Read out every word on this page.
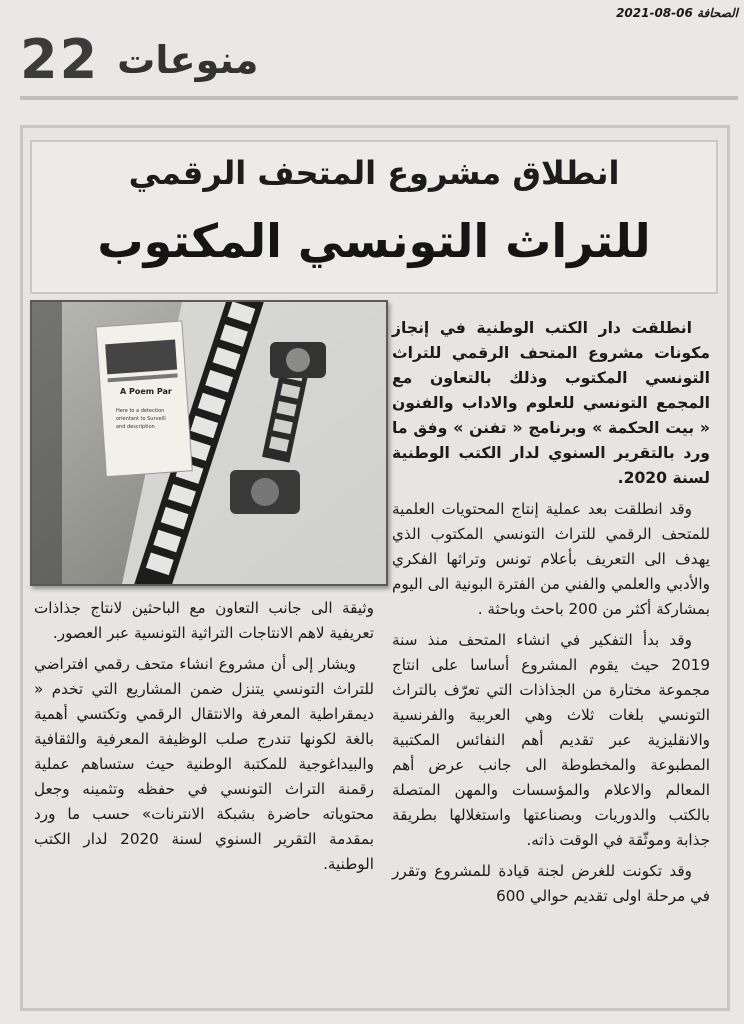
الصحافة 06-08-2021
22 منوعات
انطلاق مشروع المتحف الرقمي
للتراث التونسي المكتوب
A Poem Par
Here to a detection
orientant to Surveill
and description

انطلقت دار الكتب الوطنية في إنجاز مكونات مشروع المتحف الرقمي للتراث التونسي المكتوب وذلك بالتعاون مع المجمع التونسي للعلوم والاداب والفنون « بيت الحكمة » وبرنامج « تفنن » وفق ما ورد بالتقرير السنوي لدار الكتب الوطنية لسنة 2020.

وقد انطلقت بعد عملية إنتاج المحتويات العلمية للمتحف الرقمي للتراث التونسي المكتوب الذي يهدف الى التعريف بأعلام تونس وتراثها الفكري والأدبي والعلمي والفني من الفترة البونية الى اليوم بمشاركة أكثر من 200 باحث وباحثة .

وقد بدأ التفكير في انشاء المتحف منذ سنة 2019 حيث يقوم المشروع أساسا على انتاج مجموعة مختارة من الجذاذات التي تعرّف بالتراث التونسي بلغات ثلاث وهي العربية والفرنسية والانقليزية عبر تقديم أهم النفائس المكتبية المطبوعة والمخطوطة الى جانب عرض أهم المعالم والاعلام والمؤسسات والمهن المتصلة بالكتب والدوريات وبصناعتها واستغلالها بطريقة جذابة وموثّقة في الوقت ذاته.

وقد تكونت للغرض لجنة قيادة للمشروع وتقرر في مرحلة اولى تقديم حوالي 600

وثيقة الى جانب التعاون مع الباحثين لانتاج جذاذات تعريفية لاهم الانتاجات التراثية التونسية عبر العصور.

ويشار إلى أن مشروع انشاء متحف رقمي افتراضي للتراث التونسي يتنزل ضمن المشاريع التي تخدم « ديمقراطية المعرفة والانتقال الرقمي وتكتسي أهمية بالغة لكونها تندرج صلب الوظيفة المعرفية والثقافية والبيداغوجية للمكتبة الوطنية حيث ستساهم عملية رقمنة التراث التونسي في حفظه وتثمينه وجعل محتوياته حاضرة بشبكة الانترنات» حسب ما ورد بمقدمة التقرير السنوي لسنة 2020 لدار الكتب الوطنية.
